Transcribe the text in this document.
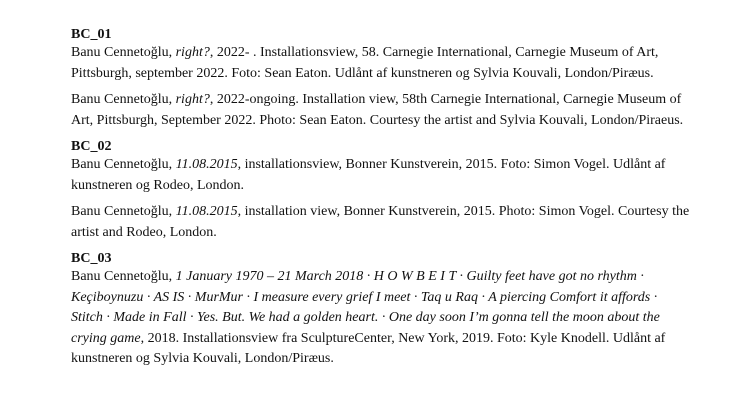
BC_01

Banu Cennetoğlu, right?, 2022- . Installationsview, 58. Carnegie International, Carnegie Museum of Art, Pittsburgh, september 2022. Foto: Sean Eaton. Udlånt af kunstneren og Sylvia Kouvali, London/Piræus.

Banu Cennetoğlu, right?, 2022-ongoing. Installation view, 58th Carnegie International, Carnegie Museum of Art, Pittsburgh, September 2022. Photo: Sean Eaton. Courtesy the artist and Sylvia Kouvali, London/Piraeus.

BC_02

Banu Cennetoğlu, 11.08.2015, installationsview, Bonner Kunstverein, 2015. Foto: Simon Vogel. Udlånt af kunstneren og Rodeo, London.

Banu Cennetoğlu, 11.08.2015, installation view, Bonner Kunstverein, 2015. Photo: Simon Vogel. Courtesy the artist and Rodeo, London.

BC_03

Banu Cennetoğlu, 1 January 1970 – 21 March 2018 · H O W B E I T · Guilty feet have got no rhythm · Keçiboynuzu · AS IS · MurMur · I measure every grief I meet · Taq u Raq · A piercing Comfort it affords · Stitch · Made in Fall · Yes. But. We had a golden heart. · One day soon I’m gonna tell the moon about the crying game, 2018. Installationsview fra SculptureCenter, New York, 2019. Foto: Kyle Knodell. Udlånt af kunstneren og Sylvia Kouvali, London/Piræus.
